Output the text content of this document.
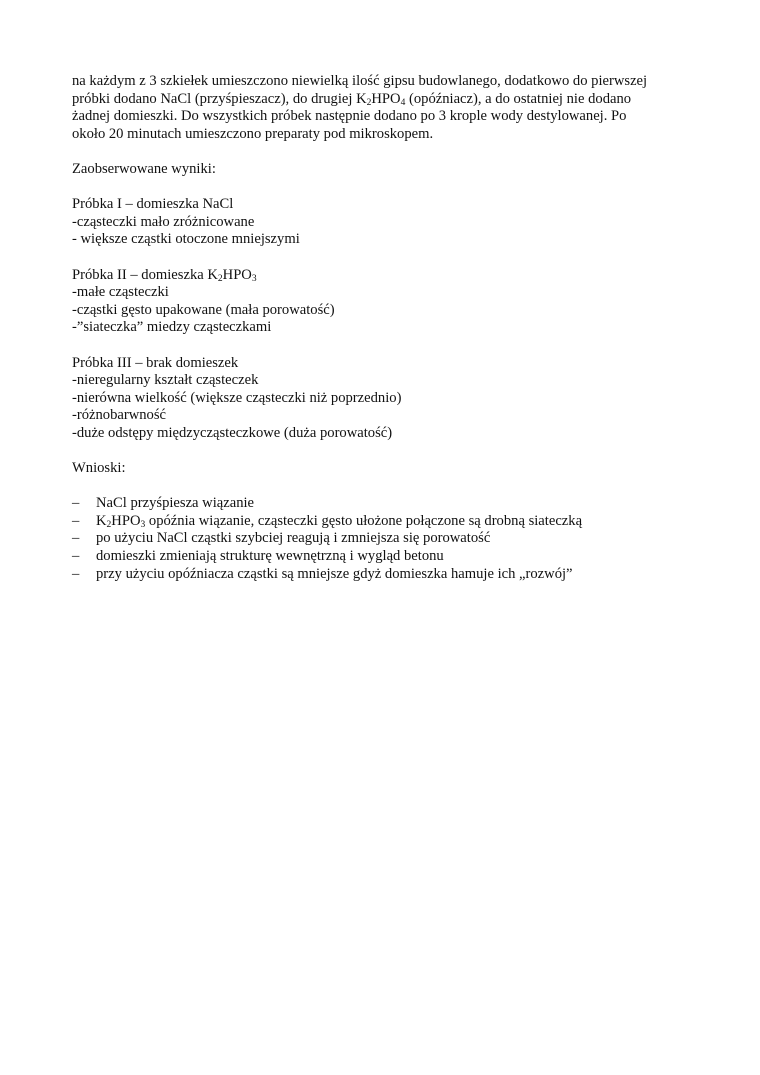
na każdym z 3 szkiełek umieszczono niewielką ilość gipsu budowlanego, dodatkowo do pierwszej
próbki dodano NaCl (przyśpieszacz), do drugiej $K_2HPO_4$ (opóźniacz), a do ostatniej nie dodano
żadnej domieszki. Do wszystkich próbek następnie dodano po 3 krople wody destylowanej. Po
około 20 minutach umieszczono preparaty pod mikroskopem.
Zaobserwowane wyniki:
Próbka I – domieszka NaCl
-cząsteczki mało zróżnicowane
- większe cząstki otoczone mniejszymi
Próbka II – domieszka $K_2HPO_3$
-małe cząsteczki
-cząstki gęsto upakowane (mała porowatość)
-”siateczka” miedzy cząsteczkami
Próbka III – brak domieszek
-nieregularny kształt cząsteczek
-nierówna wielkość (większe cząsteczki niż poprzednio)
-różnobarwność
-duże odstępy międzycząsteczkowe (duża porowatość)
Wnioski:
–	NaCl przyśpiesza wiązanie
–	$K_2HPO_3$ opóźnia wiązanie, cząsteczki gęsto ułożone połączone są drobną siateczką
–	po użyciu NaCl cząstki szybciej reagują i zmniejsza się porowatość
–	domieszki zmieniają strukturę wewnętrzną i wygląd betonu
–	przy użyciu opóźniacza cząstki są mniejsze gdyż domieszka hamuje ich „rozwój”
